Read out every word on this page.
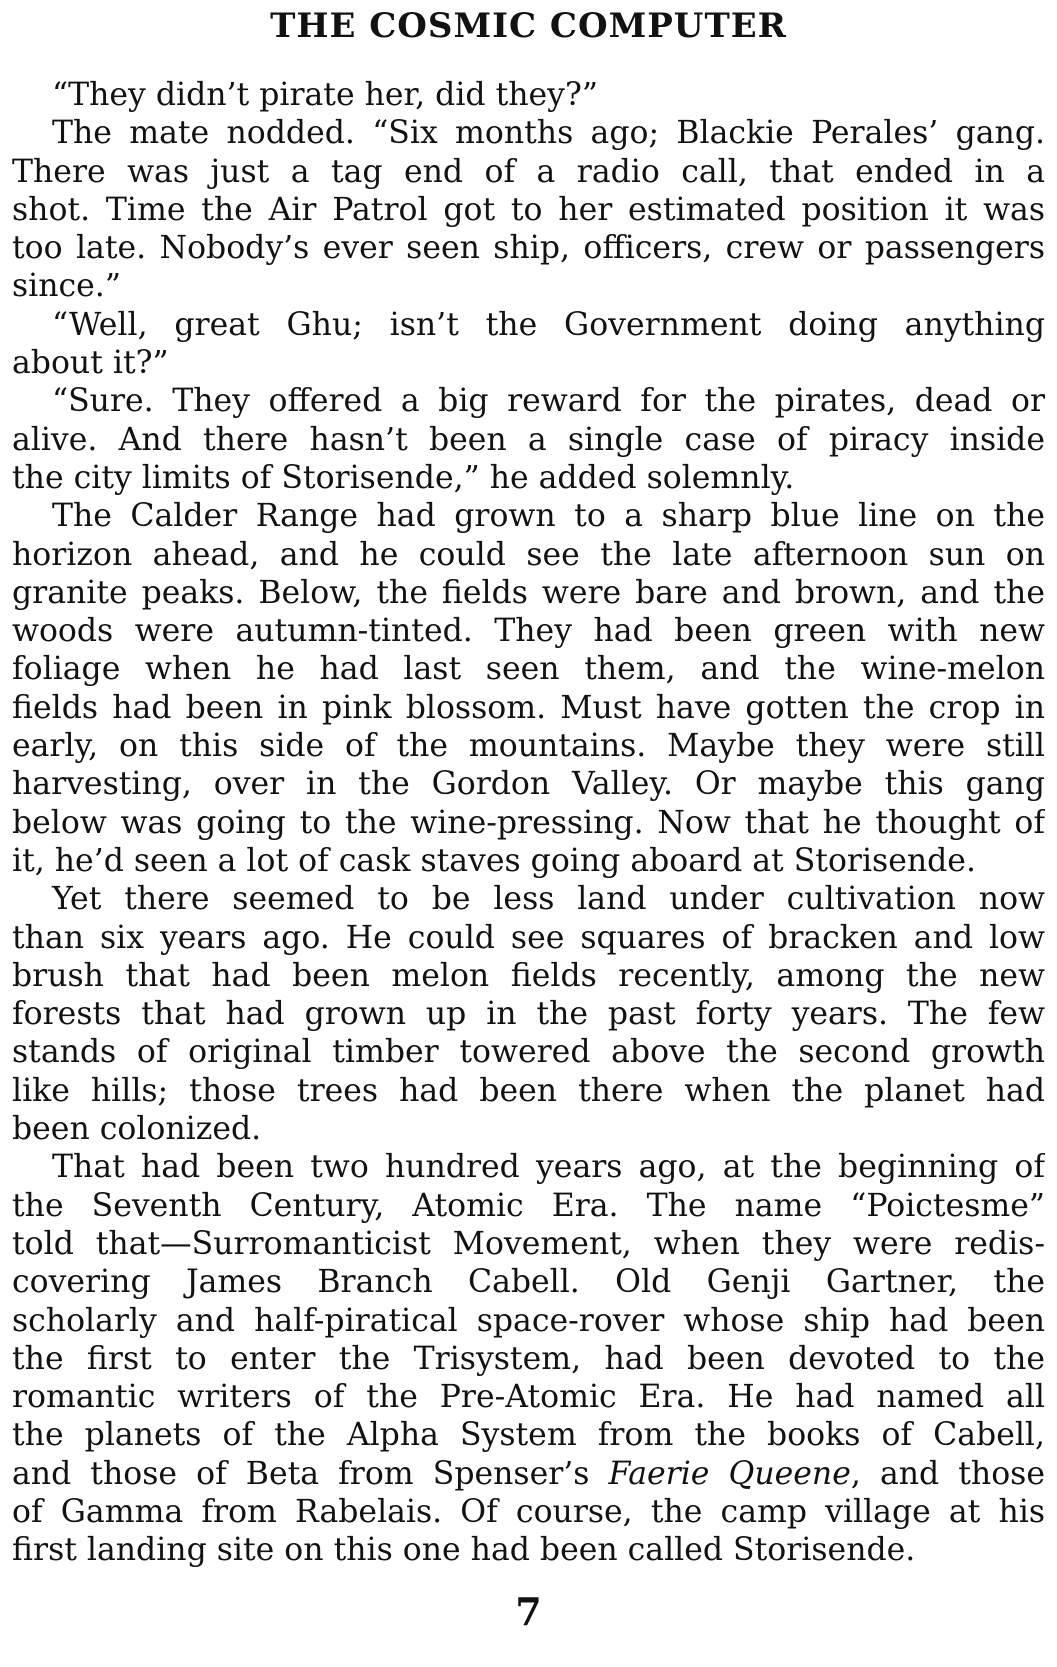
THE COSMIC COMPUTER
“They didn’t pirate her, did they?”
The mate nodded. “Six months ago; Blackie Perales’ gang.
There was just a tag end of a radio call, that ended in a
shot. Time the Air Patrol got to her estimated position it was
too late. Nobody’s ever seen ship, officers, crew or passengers
since.”
“Well, great Ghu; isn’t the Government doing anything
about it?”
“Sure. They offered a big reward for the pirates, dead or
alive. And there hasn’t been a single case of piracy inside
the city limits of Storisende,” he added solemnly.
The Calder Range had grown to a sharp blue line on the
horizon ahead, and he could see the late afternoon sun on
granite peaks. Below, the fields were bare and brown, and the
woods were autumn-tinted. They had been green with new
foliage when he had last seen them, and the wine-melon
fields had been in pink blossom. Must have gotten the crop in
early, on this side of the mountains. Maybe they were still
harvesting, over in the Gordon Valley. Or maybe this gang
below was going to the wine-pressing. Now that he thought of
it, he’d seen a lot of cask staves going aboard at Storisende.
Yet there seemed to be less land under cultivation now
than six years ago. He could see squares of bracken and low
brush that had been melon fields recently, among the new
forests that had grown up in the past forty years. The few
stands of original timber towered above the second growth
like hills; those trees had been there when the planet had
been colonized.
That had been two hundred years ago, at the beginning of
the Seventh Century, Atomic Era. The name “Poictesme”
told that—Surromanticist Movement, when they were redis-
covering James Branch Cabell. Old Genji Gartner, the
scholarly and half-piratical space-rover whose ship had been
the first to enter the Trisystem, had been devoted to the
romantic writers of the Pre-Atomic Era. He had named all
the planets of the Alpha System from the books of Cabell,
and those of Beta from Spenser’s Faerie Queene, and those
of Gamma from Rabelais. Of course, the camp village at his
first landing site on this one had been called Storisende.
7
